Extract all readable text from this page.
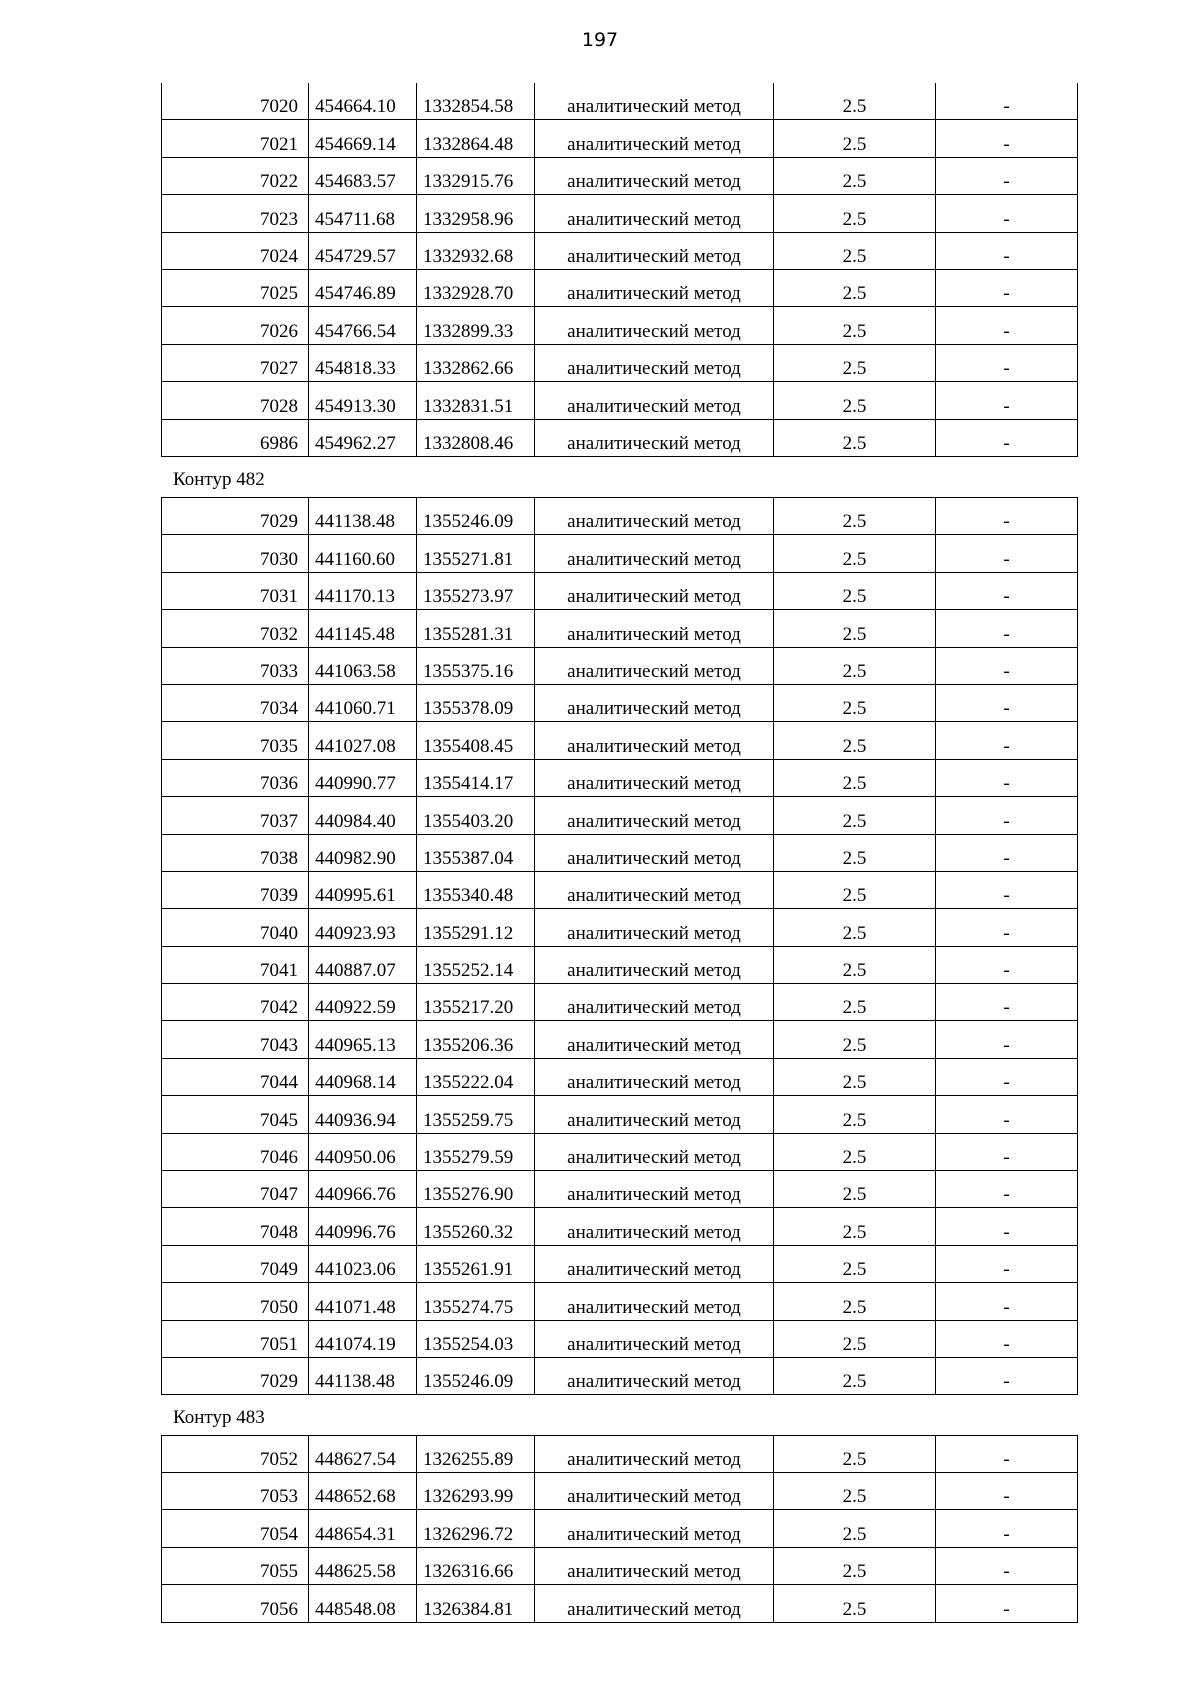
197
7020	454664.10	1332854.58	аналитический метод	2.5	-
7021	454669.14	1332864.48	аналитический метод	2.5	-
7022	454683.57	1332915.76	аналитический метод	2.5	-
7023	454711.68	1332958.96	аналитический метод	2.5	-
7024	454729.57	1332932.68	аналитический метод	2.5	-
7025	454746.89	1332928.70	аналитический метод	2.5	-
7026	454766.54	1332899.33	аналитический метод	2.5	-
7027	454818.33	1332862.66	аналитический метод	2.5	-
7028	454913.30	1332831.51	аналитический метод	2.5	-
6986	454962.27	1332808.46	аналитический метод	2.5	-
Контур 482
7029	441138.48	1355246.09	аналитический метод	2.5	-
7030	441160.60	1355271.81	аналитический метод	2.5	-
7031	441170.13	1355273.97	аналитический метод	2.5	-
7032	441145.48	1355281.31	аналитический метод	2.5	-
7033	441063.58	1355375.16	аналитический метод	2.5	-
7034	441060.71	1355378.09	аналитический метод	2.5	-
7035	441027.08	1355408.45	аналитический метод	2.5	-
7036	440990.77	1355414.17	аналитический метод	2.5	-
7037	440984.40	1355403.20	аналитический метод	2.5	-
7038	440982.90	1355387.04	аналитический метод	2.5	-
7039	440995.61	1355340.48	аналитический метод	2.5	-
7040	440923.93	1355291.12	аналитический метод	2.5	-
7041	440887.07	1355252.14	аналитический метод	2.5	-
7042	440922.59	1355217.20	аналитический метод	2.5	-
7043	440965.13	1355206.36	аналитический метод	2.5	-
7044	440968.14	1355222.04	аналитический метод	2.5	-
7045	440936.94	1355259.75	аналитический метод	2.5	-
7046	440950.06	1355279.59	аналитический метод	2.5	-
7047	440966.76	1355276.90	аналитический метод	2.5	-
7048	440996.76	1355260.32	аналитический метод	2.5	-
7049	441023.06	1355261.91	аналитический метод	2.5	-
7050	441071.48	1355274.75	аналитический метод	2.5	-
7051	441074.19	1355254.03	аналитический метод	2.5	-
7029	441138.48	1355246.09	аналитический метод	2.5	-
Контур 483
7052	448627.54	1326255.89	аналитический метод	2.5	-
7053	448652.68	1326293.99	аналитический метод	2.5	-
7054	448654.31	1326296.72	аналитический метод	2.5	-
7055	448625.58	1326316.66	аналитический метод	2.5	-
7056	448548.08	1326384.81	аналитический метод	2.5	-
